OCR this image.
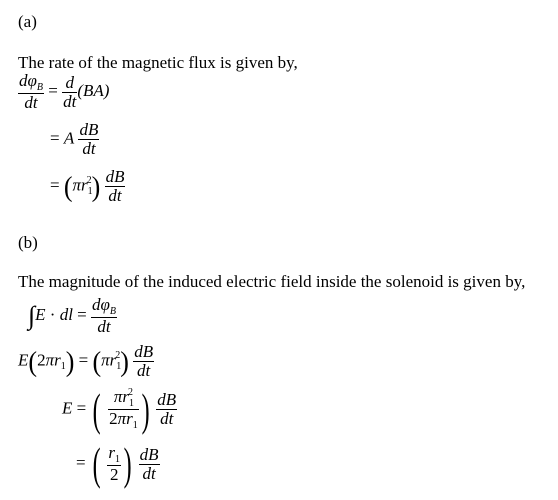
(a)
The rate of the magnetic flux is given by,
$\frac{d\varphi_B}{dt} = \frac{d}{dt} (BA)$
= A $\frac{dB}{dt}$
= $(\pi r_1^2) \frac{dB}{dt}$
(b)
The magnitude of the induced electric field inside the solenoid is given by,
∫E · dl = $\frac{d\varphi_B}{dt}$
$E(2\pi r_1) = (\pi r_1^2) \frac{dB}{dt}$
E = ( $\frac{\pi r_1^2}{2\pi r_1}$ ) $\frac{dB}{dt}$
= ( $\frac{r_1}{2}$ ) $\frac{dB}{dt}$
